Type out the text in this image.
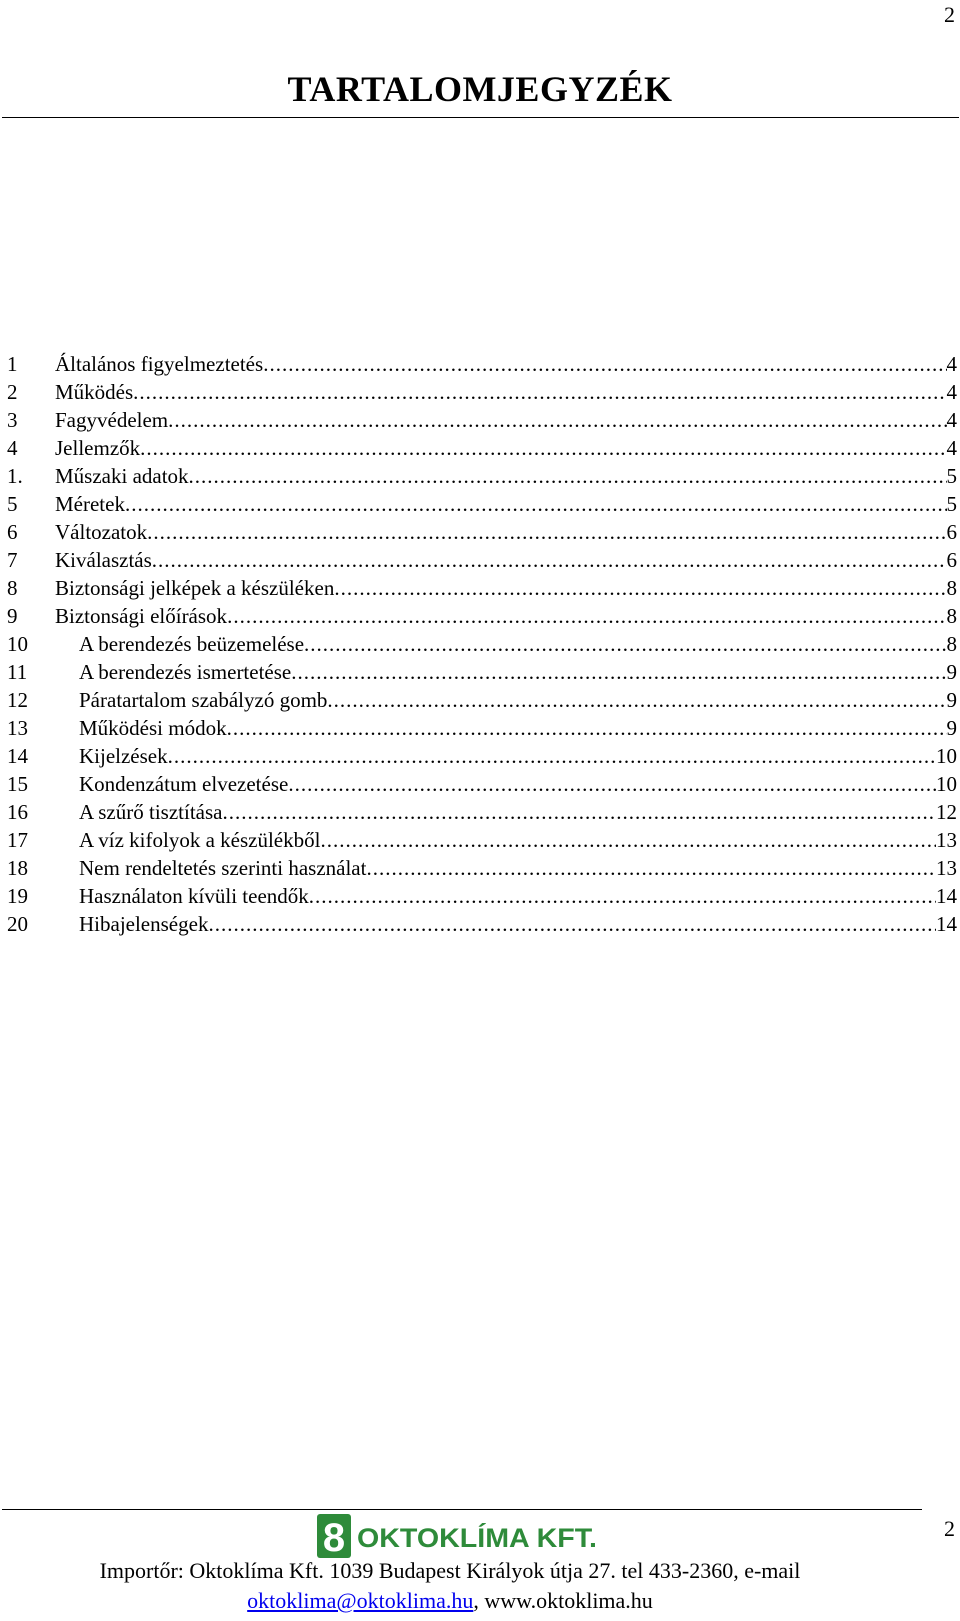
2
TARTALOMJEGYZÉK
1 Általános figyelmeztetés .....	4
2 Működés .....	4
3 Fagyvédelem .....	4
4 Jellemzők .....	4
1. Műszaki adatok .....	5
5 Méretek .....	5
6 Változatok .....	6
7 Kiválasztás .....	6
8 Biztonsági jelképek a készüléken .....	8
9 Biztonsági előírások .....	8
10 A berendezés beüzemelése .....	8
11 A berendezés ismertetése .....	9
12 Páratartalom szabályzó gomb .....	9
13 Működési módok .....	9
14 Kijelzések .....	10
15 Kondenzátum elvezetése .....	10
16 A szűrő tisztítása .....	12
17 A víz kifolyok a készülékből .....	13
18 Nem rendeltetés szerinti használat .....	13
19 Használaton kívüli teendők .....	14
20 Hibajelenségek .....	14
8 OKTOKLÍMA KFT.	2
Importőr: Oktoklíma Kft. 1039 Budapest Királyok útja 27. tel 433-2360, e-mail
oktoklima@oktoklima.hu, www.oktoklima.hu
